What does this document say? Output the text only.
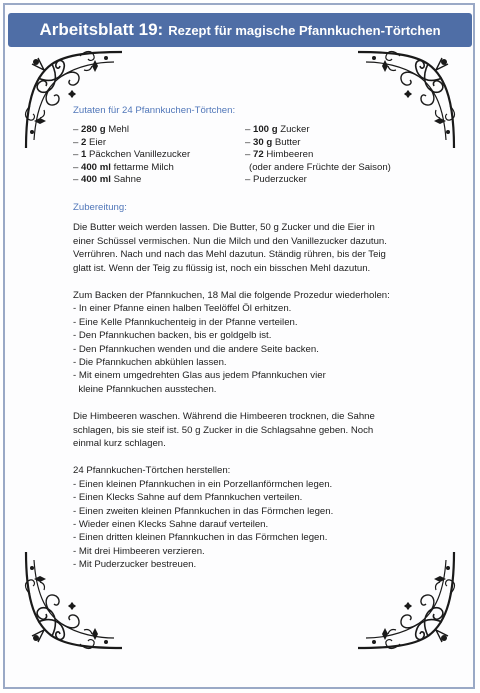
Arbeitsblatt 19: Rezept für magische Pfannkuchen-Törtchen

Zutaten für 24 Pfannkuchen-Törtchen:

– 280 g Mehl
– 2 Eier
– 1 Päckchen Vanillezucker
– 400 ml fettarme Milch
– 400 ml Sahne
– 100 g Zucker
– 30 g Butter
– 72 Himbeeren
(oder andere Früchte der Saison)
– Puderzucker

Zubereitung:

Die Butter weich werden lassen. Die Butter, 50 g Zucker und die Eier in

einer Schüssel vermischen. Nun die Milch und den Vanillezucker dazutun.

Verrühren. Nach und nach das Mehl dazutun. Ständig rühren, bis der Teig

glatt ist. Wenn der Teig zu flüssig ist, noch ein bisschen Mehl dazutun.

Zum Backen der Pfannkuchen, 18 Mal die folgende Prozedur wiederholen:

- In einer Pfanne einen halben Teelöffel Öl erhitzen.
- Eine Kelle Pfannkuchenteig in der Pfanne verteilen.
- Den Pfannkuchen backen, bis er goldgelb ist.
- Den Pfannkuchen wenden und die andere Seite backen.
- Die Pfannkuchen abkühlen lassen.
- Mit einem umgedrehten Glas aus jedem Pfannkuchen vier
kleine Pfannkuchen ausstechen.

Die Himbeeren waschen. Während die Himbeeren trocknen, die Sahne

schlagen, bis sie steif ist. 50 g Zucker in die Schlagsahne geben. Noch

einmal kurz schlagen.

24 Pfannkuchen-Törtchen herstellen:

- Einen kleinen Pfannkuchen in ein Porzellanförmchen legen.
- Einen Klecks Sahne auf dem Pfannkuchen verteilen.
- Einen zweiten kleinen Pfannkuchen in das Förmchen legen.
- Wieder einen Klecks Sahne darauf verteilen.
- Einen dritten kleinen Pfannkuchen in das Förmchen legen.
- Mit drei Himbeeren verzieren.
- Mit Puderzucker bestreuen.
